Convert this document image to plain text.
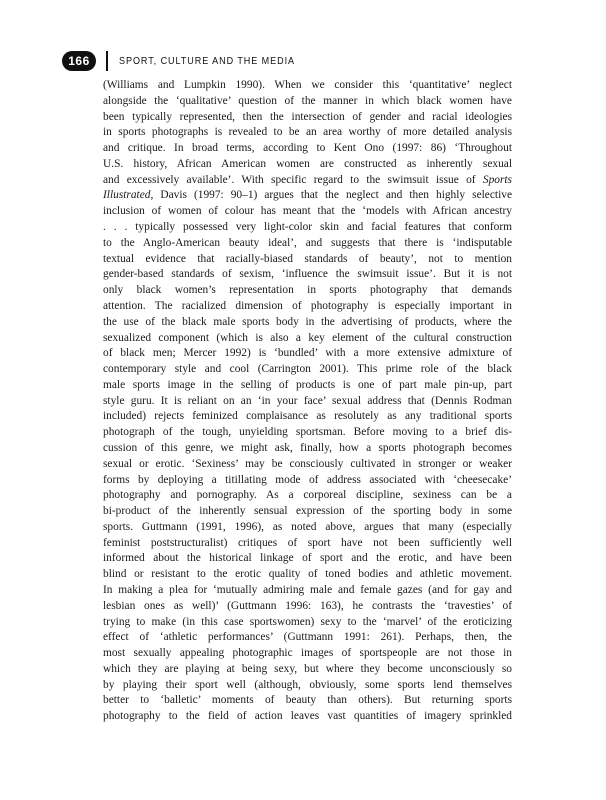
166	SPORT, CULTURE AND THE MEDIA
(Williams and Lumpkin 1990). When we consider this ‘quantitative’ neglect
alongside the ‘qualitative’ question of the manner in which black women have
been typically represented, then the intersection of gender and racial ideologies
in sports photographs is revealed to be an area worthy of more detailed analysis
and critique. In broad terms, according to Kent Ono (1997: 86) ‘Throughout
U.S. history, African American women are constructed as inherently sexual
and excessively available’. With specific regard to the swimsuit issue of Sports
Illustrated, Davis (1997: 90–1) argues that the neglect and then highly selective
inclusion of women of colour has meant that the ‘models with African ancestry
. . . typically possessed very light-color skin and facial features that conform
to the Anglo-American beauty ideal’, and suggests that there is ‘indisputable
textual evidence that racially-biased standards of beauty’, not to mention
gender-based standards of sexism, ‘influence the swimsuit issue’. But it is not
only black women’s representation in sports photography that demands
attention. The racialized dimension of photography is especially important in
the use of the black male sports body in the advertising of products, where the
sexualized component (which is also a key element of the cultural construction
of black men; Mercer 1992) is ‘bundled’ with a more extensive admixture of
contemporary style and cool (Carrington 2001). This prime role of the black
male sports image in the selling of products is one of part male pin-up, part
style guru. It is reliant on an ‘in your face’ sexual address that (Dennis Rodman
included) rejects feminized complaisance as resolutely as any traditional sports
photograph of the tough, unyielding sportsman. Before moving to a brief dis-
cussion of this genre, we might ask, finally, how a sports photograph becomes
sexual or erotic. ‘Sexiness’ may be consciously cultivated in stronger or weaker
forms by deploying a titillating mode of address associated with ‘cheesecake’
photography and pornography. As a corporeal discipline, sexiness can be a
bi-product of the inherently sensual expression of the sporting body in some
sports. Guttmann (1991, 1996), as noted above, argues that many (especially
feminist poststructuralist) critiques of sport have not been sufficiently well
informed about the historical linkage of sport and the erotic, and have been
blind or resistant to the erotic quality of toned bodies and athletic movement.
In making a plea for ‘mutually admiring male and female gazes (and for gay and
lesbian ones as well)’ (Guttmann 1996: 163), he contrasts the ‘travesties’ of
trying to make (in this case sportswomen) sexy to the ‘marvel’ of the eroticizing
effect of ‘athletic performances’ (Guttmann 1991: 261). Perhaps, then, the
most sexually appealing photographic images of sportspeople are not those in
which they are playing at being sexy, but where they become unconsciously so
by playing their sport well (although, obviously, some sports lend themselves
better to ‘balletic’ moments of beauty than others). But returning sports
photography to the field of action leaves vast quantities of imagery sprinkled
